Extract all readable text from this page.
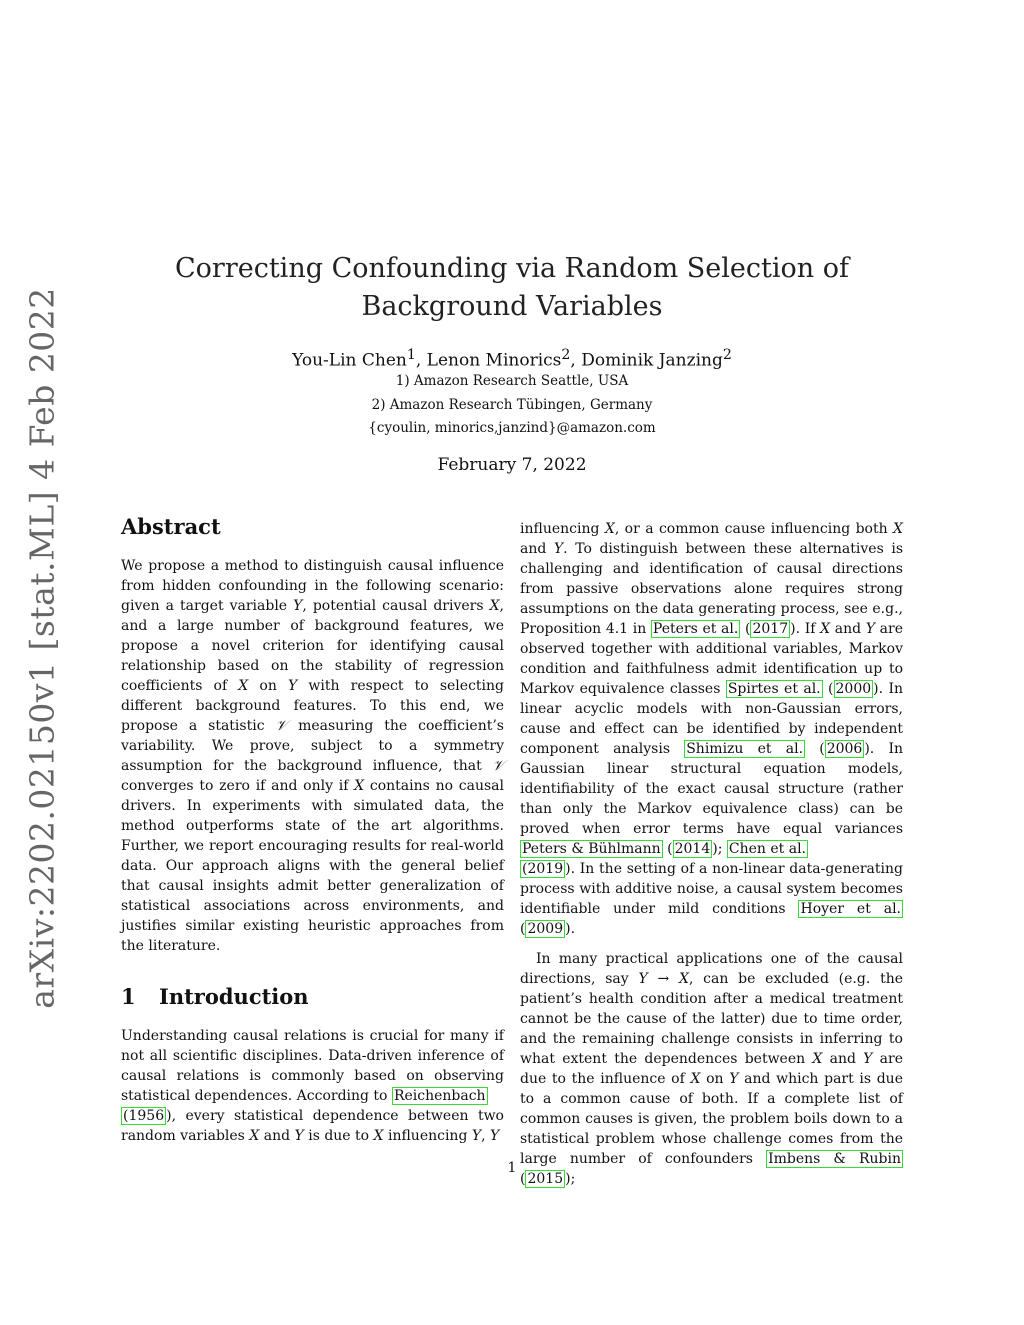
arXiv:2202.02150v1 [stat.ML] 4 Feb 2022
Correcting Confounding via Random Selection of
Background Variables
You-Lin Chen$^1$, Lenon Minorics$^2$, Dominik Janzing$^2$
1) Amazon Research Seattle, USA
2) Amazon Research Tübingen, Germany
{cyoulin, minorics,janzind}@amazon.com
February 7, 2022
Abstract

We propose a method to distinguish causal influence from hidden confounding in the following scenario: given a target variable Y, potential causal drivers X, and a large number of background features, we propose a novel criterion for identifying causal relationship based on the stability of regression coefficients of X on Y with respect to selecting different background features. To this end, we propose a statistic 𝒱 measuring the coefficient’s variability. We prove, subject to a symmetry assumption for the background influence, that 𝒱 converges to zero if and only if X contains no causal drivers. In experiments with simulated data, the method outperforms state of the art algorithms. Further, we report encouraging results for real-world data. Our approach aligns with the general belief that causal insights admit better generalization of statistical associations across environments, and justifies similar existing heuristic approaches from the literature.

1 Introduction

Understanding causal relations is crucial for many if not all scientific disciplines. Data-driven inference of causal relations is commonly based on observing statistical dependences. According to Reichenbach
(1956 ), every statistical dependence between two random variables X and Y is due to X influencing Y, Y

influencing X, or a common cause influencing both X and Y. To distinguish between these alternatives is challenging and identification of causal directions from passive observations alone requires strong assumptions on the data generating process, see e.g., Proposition 4.1 in Peters et al. ( 2017 ). If X and Y are observed together with additional variables, Markov condition and faithfulness admit identification up to Markov equivalence classes Spirtes et al. ( 2000 ). In linear acyclic models with non-Gaussian errors, cause and effect can be identified by independent component analysis Shimizu et al. ( 2006 ). In Gaussian linear structural equation models, identifiability of the exact causal structure (rather than only the Markov equivalence class) can be proved when error terms have equal variances Peters & Bühlmann ( 2014 ); Chen et al.
(2019 ). In the setting of a non-linear data-generating process with additive noise, a causal system becomes identifiable under mild conditions Hoyer et al. ( 2009 ).

In many practical applications one of the causal directions, say Y → X, can be excluded (e.g. the patient’s health condition after a medical treatment cannot be the cause of the latter) due to time order, and the remaining challenge consists in inferring to what extent the dependences between X and Y are due to the influence of X on Y and which part is due to a common cause of both. If a complete list of common causes is given, the problem boils down to a statistical problem whose challenge comes from the large number of confounders Imbens & Rubin ( 2015 );

1
